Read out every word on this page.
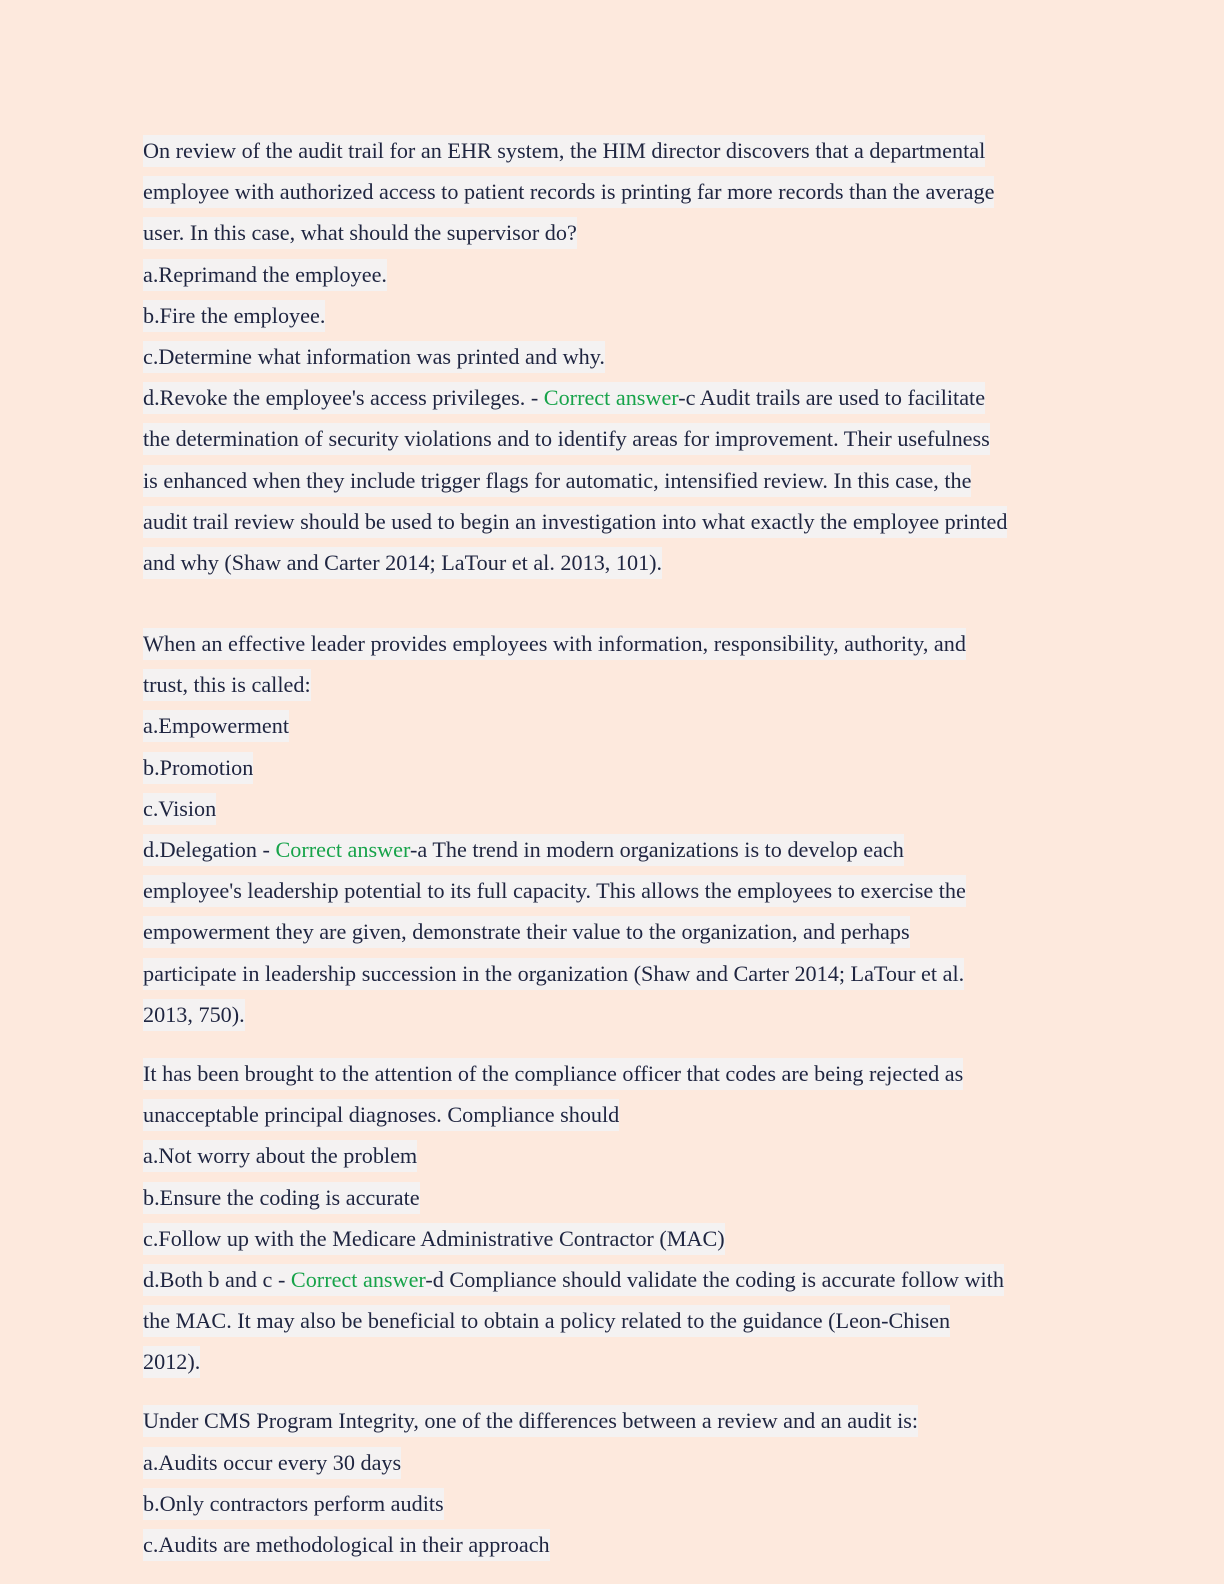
On review of the audit trail for an EHR system, the HIM director discovers that a departmental
employee with authorized access to patient records is printing far more records than the average
user. In this case, what should the supervisor do?
a.Reprimand the employee.
b.Fire the employee.
c.Determine what information was printed and why.
d.Revoke the employee's access privileges. - Correct answer-c Audit trails are used to facilitate
the determination of security violations and to identify areas for improvement. Their usefulness
is enhanced when they include trigger flags for automatic, intensified review. In this case, the
audit trail review should be used to begin an investigation into what exactly the employee printed
and why (Shaw and Carter 2014; LaTour et al. 2013, 101).
When an effective leader provides employees with information, responsibility, authority, and
trust, this is called:
a.Empowerment
b.Promotion
c.Vision
d.Delegation - Correct answer-a The trend in modern organizations is to develop each
employee's leadership potential to its full capacity. This allows the employees to exercise the
empowerment they are given, demonstrate their value to the organization, and perhaps
participate in leadership succession in the organization (Shaw and Carter 2014; LaTour et al.
2013, 750).
It has been brought to the attention of the compliance officer that codes are being rejected as
unacceptable principal diagnoses. Compliance should
a.Not worry about the problem
b.Ensure the coding is accurate
c.Follow up with the Medicare Administrative Contractor (MAC)
d.Both b and c - Correct answer-d Compliance should validate the coding is accurate follow with
the MAC. It may also be beneficial to obtain a policy related to the guidance (Leon-Chisen
2012).
Under CMS Program Integrity, one of the differences between a review and an audit is:
a.Audits occur every 30 days
b.Only contractors perform audits
c.Audits are methodological in their approach
